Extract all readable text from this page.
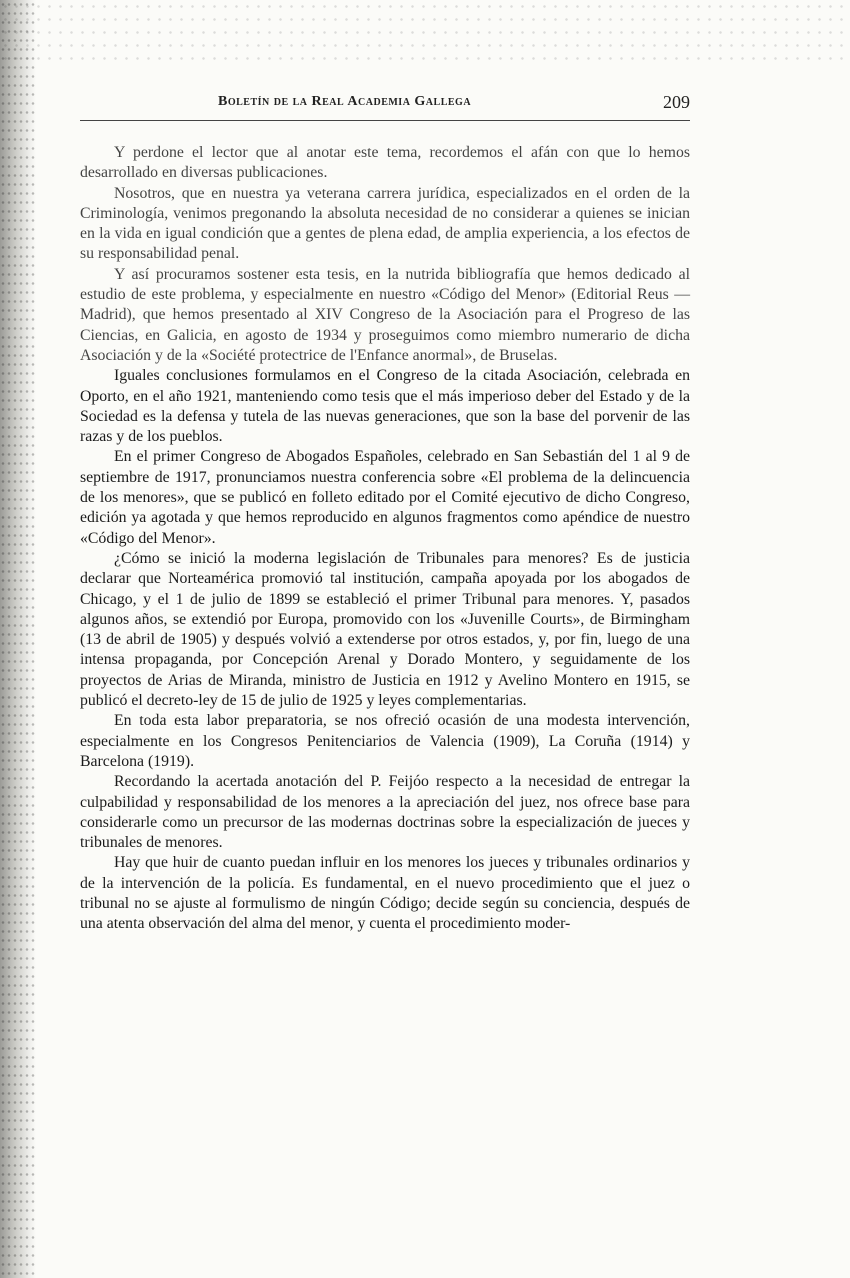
Boletín de la Real Academia Gallega	209

Y perdone el lector que al anotar este tema, recordemos el afán con que lo hemos desarrollado en diversas publicaciones.

Nosotros, que en nuestra ya veterana carrera jurídica, especializados en el orden de la Criminología, venimos pregonando la absoluta necesidad de no considerar a quienes se inician en la vida en igual condición que a gentes de plena edad, de amplia experiencia, a los efectos de su responsabilidad penal.

Y así procuramos sostener esta tesis, en la nutrida bibliografía que hemos dedicado al estudio de este problema, y especialmente en nuestro «Código del Menor» (Editorial Reus — Madrid), que hemos presentado al XIV Congreso de la Asociación para el Progreso de las Ciencias, en Galicia, en agosto de 1934 y proseguimos como miembro numerario de dicha Asociación y de la «Société protectrice de l'Enfance anormal», de Bruselas.

Iguales conclusiones formulamos en el Congreso de la citada Asociación, celebrada en Oporto, en el año 1921, manteniendo como tesis que el más imperioso deber del Estado y de la Sociedad es la defensa y tutela de las nuevas generaciones, que son la base del porvenir de las razas y de los pueblos.

En el primer Congreso de Abogados Españoles, celebrado en San Sebastián del 1 al 9 de septiembre de 1917, pronunciamos nuestra conferencia sobre «El problema de la delincuencia de los menores», que se publicó en folleto editado por el Comité ejecutivo de dicho Congreso, edición ya agotada y que hemos reproducido en algunos fragmentos como apéndice de nuestro «Código del Menor».

¿Cómo se inició la moderna legislación de Tribunales para menores? Es de justicia declarar que Norteamérica promovió tal institución, campaña apoyada por los abogados de Chicago, y el 1 de julio de 1899 se estableció el primer Tribunal para menores. Y, pasados algunos años, se extendió por Europa, promovido con los «Juvenille Courts», de Birmingham (13 de abril de 1905) y después volvió a extenderse por otros estados, y, por fin, luego de una intensa propaganda, por Concepción Arenal y Dorado Montero, y seguidamente de los proyectos de Arias de Miranda, ministro de Justicia en 1912 y Avelino Montero en 1915, se publicó el decreto-ley de 15 de julio de 1925 y leyes complementarias.

En toda esta labor preparatoria, se nos ofreció ocasión de una modesta intervención, especialmente en los Congresos Penitenciarios de Valencia (1909), La Coruña (1914) y Barcelona (1919).

Recordando la acertada anotación del P. Feijóo respecto a la necesidad de entregar la culpabilidad y responsabilidad de los menores a la apreciación del juez, nos ofrece base para considerarle como un precursor de las modernas doctrinas sobre la especialización de jueces y tribunales de menores.

Hay que huir de cuanto puedan influir en los menores los jueces y tribunales ordinarios y de la intervención de la policía. Es fundamental, en el nuevo procedimiento que el juez o tribunal no se ajuste al formulismo de ningún Código; decide según su conciencia, después de una atenta observación del alma del menor, y cuenta el procedimiento moder-
